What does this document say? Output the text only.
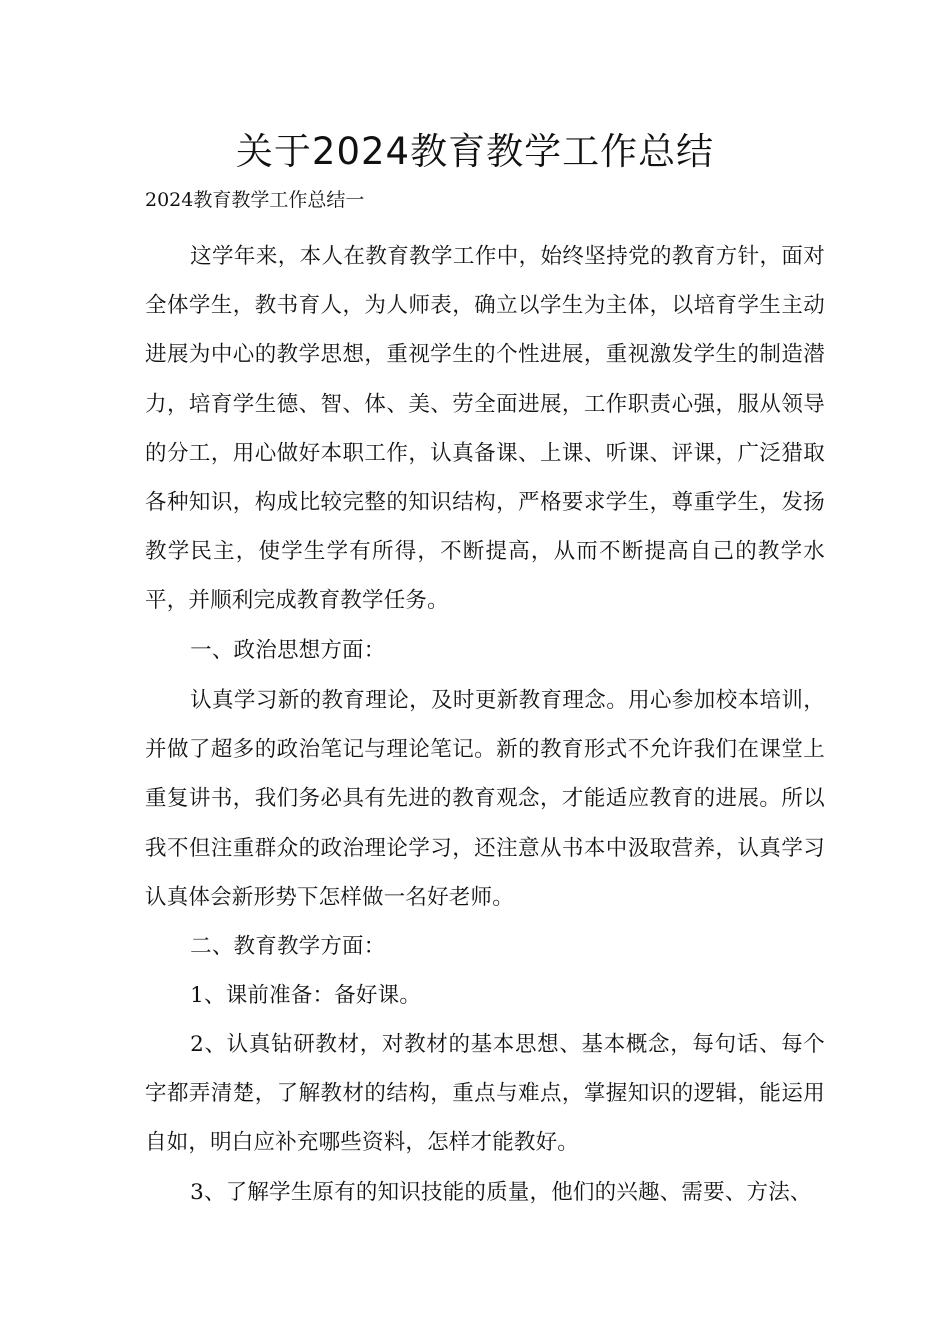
关于2024教育教学工作总结

2024教育教学工作总结一

这学年来，本人在教育教学工作中，始终坚持党的教育方针，面对全体学生，教书育人，为人师表，确立以学生为主体，以培育学生主动进展为中心的教学思想，重视学生的个性进展，重视激发学生的制造潜力，培育学生德、智、体、美、劳全面进展，工作职责心强，服从领导的分工，用心做好本职工作，认真备课、上课、听课、评课，广泛猎取各种知识，构成比较完整的知识结构，严格要求学生，尊重学生，发扬教学民主，使学生学有所得，不断提高，从而不断提高自己的教学水平，并顺利完成教育教学任务。

一、政治思想方面：

认真学习新的教育理论，及时更新教育理念。用心参加校本培训，并做了超多的政治笔记与理论笔记。新的教育形式不允许我们在课堂上重复讲书，我们务必具有先进的教育观念，才能适应教育的进展。所以我不但注重群众的政治理论学习，还注意从书本中汲取营养，认真学习认真体会新形势下怎样做一名好老师。

二、教育教学方面：

1、课前准备：备好课。

2、认真钻研教材，对教材的基本思想、基本概念，每句话、每个字都弄清楚，了解教材的结构，重点与难点，掌握知识的逻辑，能运用自如，明白应补充哪些资料，怎样才能教好。

3、了解学生原有的知识技能的质量，他们的兴趣、需要、方法、
